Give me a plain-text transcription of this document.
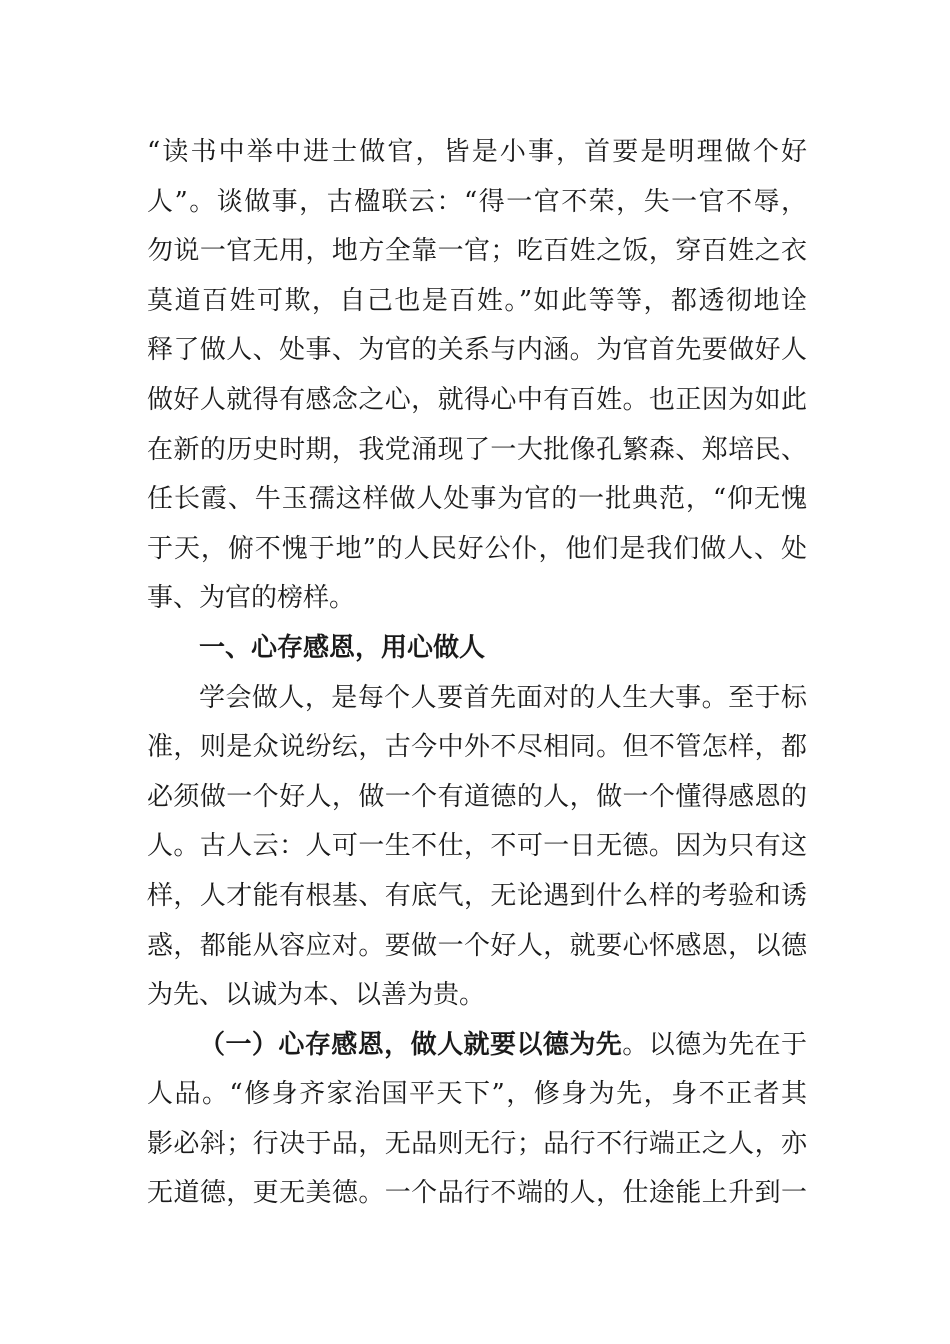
“读书中举中进士做官，皆是小事，首要是明理做个好
人”。谈做事，古楹联云：“得一官不荣，失一官不辱，
勿说一官无用，地方全靠一官；吃百姓之饭，穿百姓之衣
莫道百姓可欺，自己也是百姓。”如此等等，都透彻地诠
释了做人、处事、为官的关系与内涵。为官首先要做好人
做好人就得有感念之心，就得心中有百姓。也正因为如此
在新的历史时期，我党涌现了一大批像孔繁森、郑培民、
任长霞、牛玉孺这样做人处事为官的一批典范，“仰无愧
于天，俯不愧于地”的人民好公仆，他们是我们做人、处
事、为官的榜样。
一、心存感恩，用心做人
学会做人，是每个人要首先面对的人生大事。至于标
准，则是众说纷纭，古今中外不尽相同。但不管怎样，都
必须做一个好人，做一个有道德的人，做一个懂得感恩的
人。古人云：人可一生不仕，不可一日无德。因为只有这
样，人才能有根基、有底气，无论遇到什么样的考验和诱
惑，都能从容应对。要做一个好人，就要心怀感恩，以德
为先、以诚为本、以善为贵。
（一）心存感恩，做人就要以德为先。以德为先在于
人品。“修身齐家治国平天下”，修身为先，身不正者其
影必斜；行决于品，无品则无行；品行不行端正之人，亦
无道德，更无美德。一个品行不端的人，仕途能上升到一
